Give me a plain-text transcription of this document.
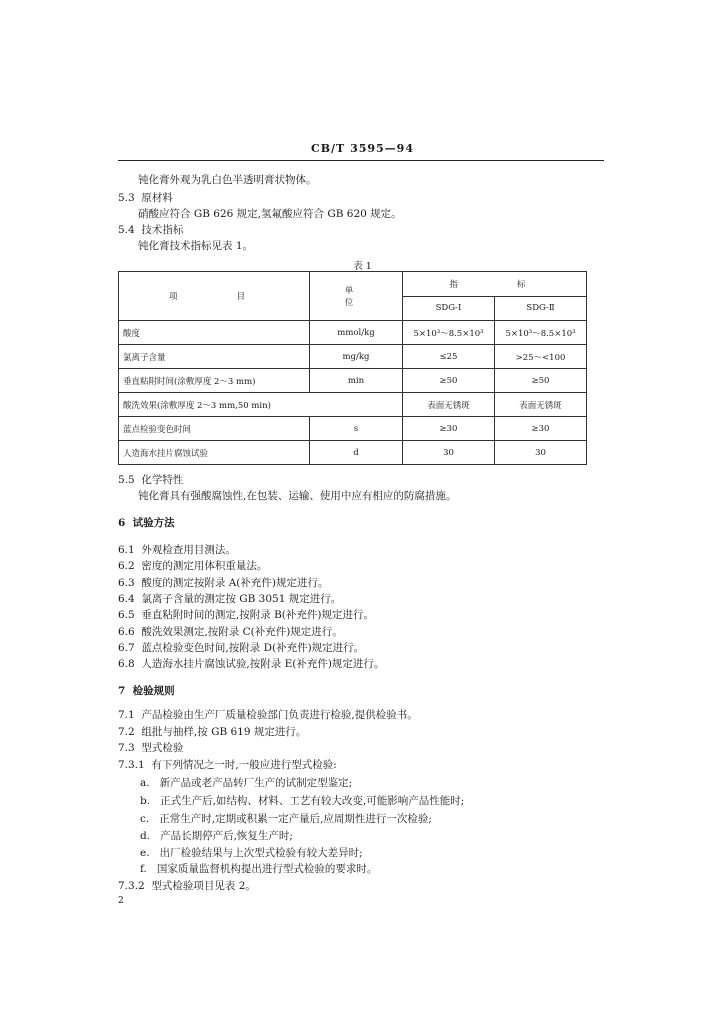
CB/T 3595—94
钝化膏外观为乳白色半透明膏状物体。
5.3 原材料
硝酸应符合 GB 626 规定,氢氟酸应符合 GB 620 规定。
5.4 技术指标
钝化膏技术指标见表 1。
表 1
项　　目	单　　位	指　　标	
		SDG-Ⅰ	SDG-Ⅱ
酸度	mmol/kg	5×10³～8.5×10³	5×10³～8.5×10³
氯离子含量	mg/kg	≤25	>25～<100
垂直粘附时间(涂敷厚度 2～3 mm)	min	≥50	≥50
酸洗效果(涂敷厚度 2～3 mm,50 min)		表面无锈斑	表面无锈斑
蓝点检验变色时间	s	≥30	≥30
人造海水挂片腐蚀试验	d	30	30
5.5 化学特性
钝化膏具有强酸腐蚀性,在包装、运输、使用中应有相应的防腐措施。
6 试验方法
6.1 外观检查用目测法。
6.2 密度的测定用体积重量法。
6.3 酸度的测定按附录 A(补充件)规定进行。
6.4 氯离子含量的测定按 GB 3051 规定进行。
6.5 垂直粘附时间的测定,按附录 B(补充件)规定进行。
6.6 酸洗效果测定,按附录 C(补充件)规定进行。
6.7 蓝点检验变色时间,按附录 D(补充件)规定进行。
6.8 人造海水挂片腐蚀试验,按附录 E(补充件)规定进行。
7 检验规则
7.1 产品检验由生产厂质量检验部门负责进行检验,提供检验书。
7.2 组批与抽样,按 GB 619 规定进行。
7.3 型式检验
7.3.1 有下列情况之一时,一般应进行型式检验:
a. 新产品或老产品转厂生产的试制定型鉴定;
b. 正式生产后,如结构、材料、工艺有较大改变,可能影响产品性能时;
c. 正常生产时,定期或积累一定产量后,应周期性进行一次检验;
d. 产品长期停产后,恢复生产时;
e. 出厂检验结果与上次型式检验有较大差异时;
f. 国家质量监督机构提出进行型式检验的要求时。
7.3.2 型式检验项目见表 2。
2
